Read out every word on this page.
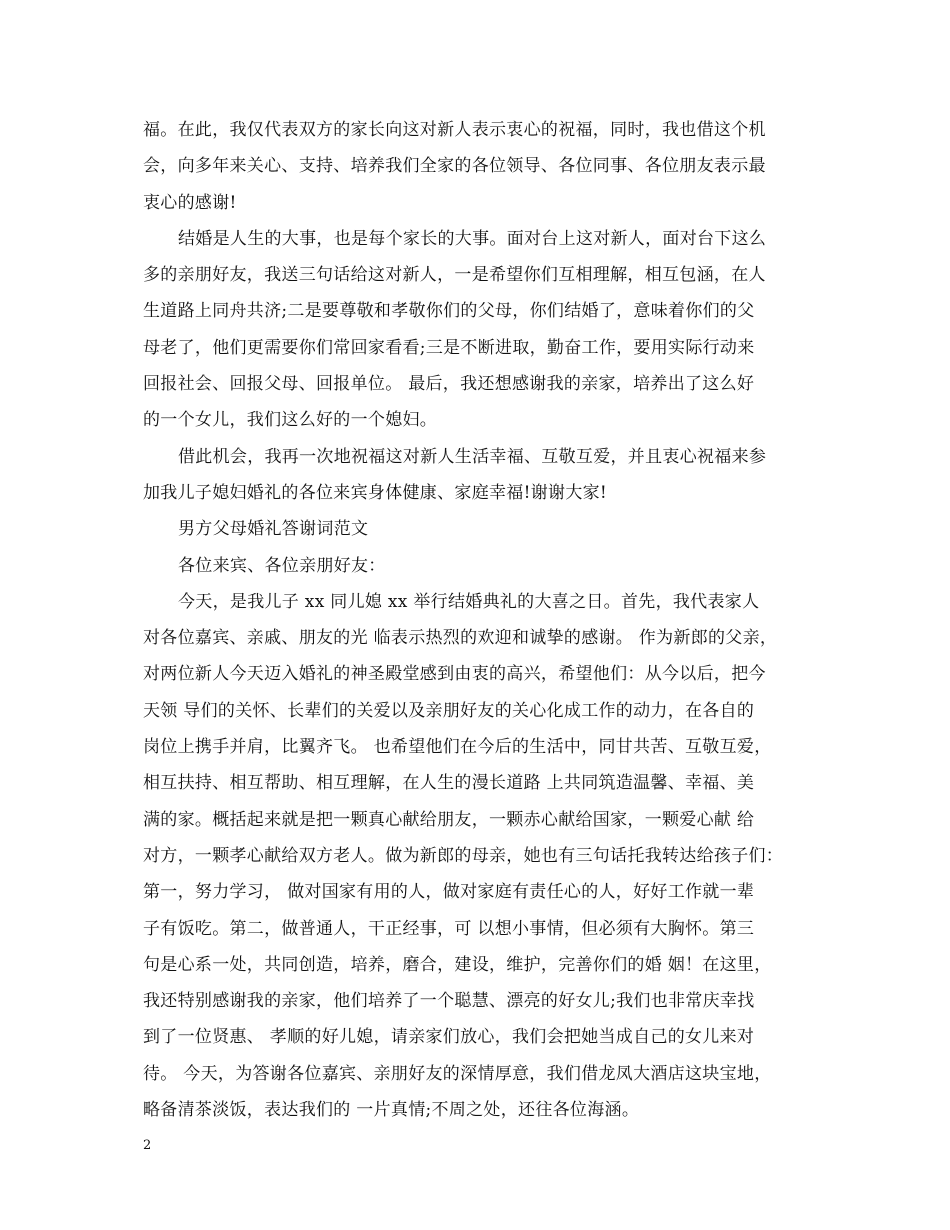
福。在此，我仅代表双方的家长向这对新人表示衷心的祝福，同时，我也借这个机
会，向多年来关心、支持、培养我们全家的各位领导、各位同事、各位朋友表示最
衷心的感谢!
结婚是人生的大事，也是每个家长的大事。面对台上这对新人，面对台下这么
多的亲朋好友，我送三句话给这对新人，一是希望你们互相理解，相互包涵，在人
生道路上同舟共济;二是要尊敬和孝敬你们的父母，你们结婚了，意味着你们的父
母老了，他们更需要你们常回家看看;三是不断进取，勤奋工作，要用实际行动来
回报社会、回报父母、回报单位。 最后，我还想感谢我的亲家，培养出了这么好
的一个女儿，我们这么好的一个媳妇。
借此机会，我再一次地祝福这对新人生活幸福、互敬互爱，并且衷心祝福来参
加我儿子媳妇婚礼的各位来宾身体健康、家庭幸福!谢谢大家!
男方父母婚礼答谢词范文
各位来宾、各位亲朋好友：
今天，是我儿子 xx 同儿媳 xx 举行结婚典礼的大喜之日。首先，我代表家人
对各位嘉宾、亲戚、朋友的光 临表示热烈的欢迎和诚挚的感谢。 作为新郎的父亲，
对两位新人今天迈入婚礼的神圣殿堂感到由衷的高兴，希望他们：从今以后，把今
天领 导们的关怀、长辈们的关爱以及亲朋好友的关心化成工作的动力，在各自的
岗位上携手并肩，比翼齐飞。 也希望他们在今后的生活中，同甘共苦、互敬互爱，
相互扶持、相互帮助、相互理解，在人生的漫长道路 上共同筑造温馨、幸福、美
满的家。概括起来就是把一颗真心献给朋友，一颗赤心献给国家，一颗爱心献 给
对方，一颗孝心献给双方老人。做为新郎的母亲，她也有三句话托我转达给孩子们：
第一，努力学习， 做对国家有用的人，做对家庭有责任心的人，好好工作就一辈
子有饭吃。第二，做普通人，干正经事，可 以想小事情，但必须有大胸怀。第三
句是心系一处，共同创造，培养，磨合，建设，维护，完善你们的婚 姻！在这里，
我还特别感谢我的亲家，他们培养了一个聪慧、漂亮的好女儿;我们也非常庆幸找
到了一位贤惠、 孝顺的好儿媳，请亲家们放心，我们会把她当成自己的女儿来对
待。 今天，为答谢各位嘉宾、亲朋好友的深情厚意，我们借龙凤大酒店这块宝地，
略备清茶淡饭，表达我们的 一片真情;不周之处，还往各位海涵。
2
